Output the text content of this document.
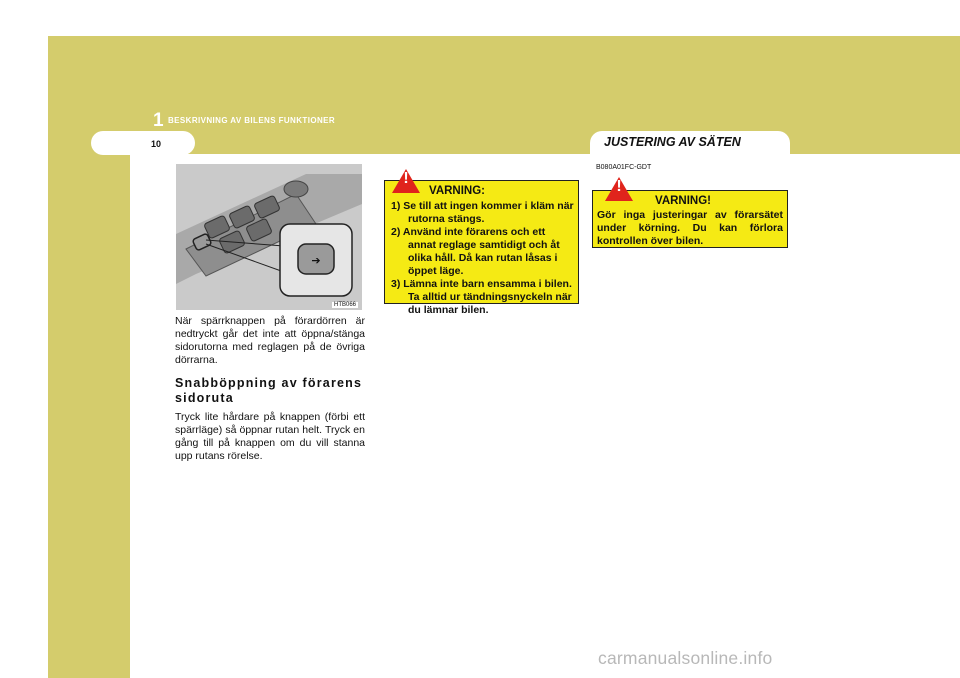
1 BESKRIVNING AV BILENS FUNKTIONER
10	JUSTERING AV SÄTEN
➔
HTB066
När spärrknappen på förardörren är nedtryckt går det inte att öppna/stänga sidorutorna med reglagen på de övriga dörrarna.
Snabböppning av förarens sidoruta
Tryck lite hårdare på knappen (förbi ett spärrläge) så öppnar rutan helt. Tryck en gång till på knappen om du vill stanna upp rutans rörelse.
!
VARNING:
1) Se till att ingen kommer i kläm när rutorna stängs.
2) Använd inte förarens och ett annat reglage samtidigt och åt olika håll. Då kan rutan låsas i öppet läge.
3) Lämna inte barn ensamma i bilen. Ta alltid ur tändningsnyckeln när du lämnar bilen.
B080A01FC-GDT
!
VARNING!
Gör inga justeringar av förarsätet under körning. Du kan förlora kontrollen över bilen.
carmanualsonline.info
